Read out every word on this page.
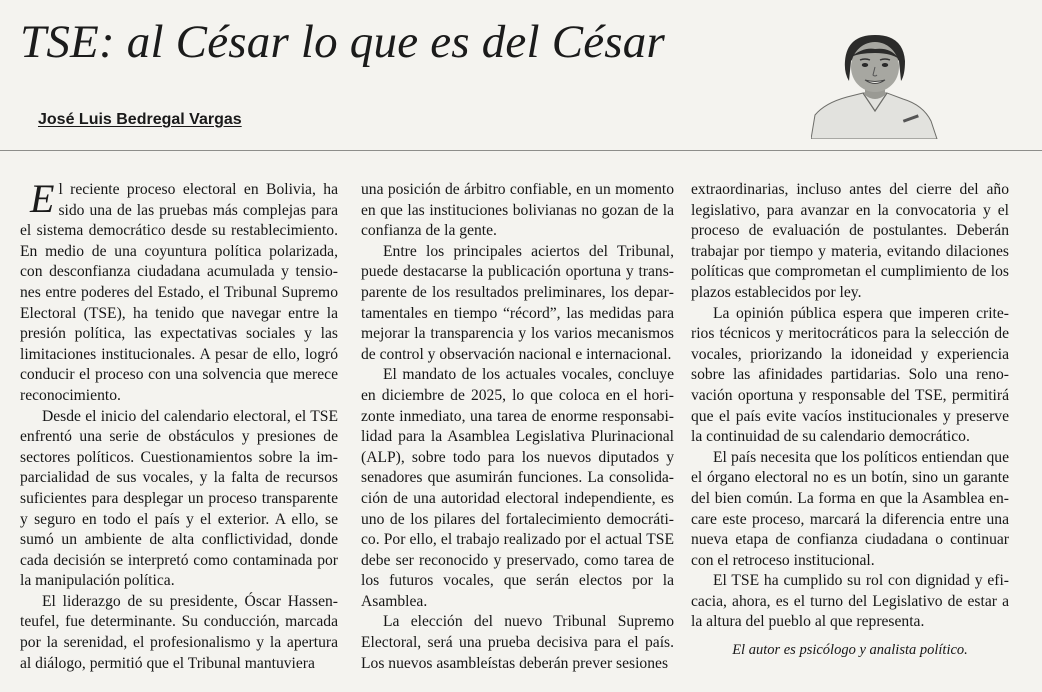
TSE: al César lo que es del César

José Luis Bedregal Vargas

El reciente proceso electoral en Bolivia, ha sido una de las pruebas más complejas para el sistema democrático desde su restablecimiento. En medio de una coyuntura política polarizada, con desconfianza ciudadana acumulada y tensiones entre poderes del Estado, el Tribunal Supremo Electoral (TSE), ha tenido que navegar entre la presión política, las expectativas sociales y las limitaciones institucionales. A pesar de ello, logró conducir el proceso con una solvencia que merece reconocimiento.

Desde el inicio del calendario electoral, el TSE enfrentó una serie de obstáculos y presiones de sectores políticos. Cuestionamientos sobre la imparcialidad de sus vocales, y la falta de recursos suficientes para desplegar un proceso transparente y seguro en todo el país y el exterior. A ello, se sumó un ambiente de alta conflictividad, donde cada decisión se interpretó como contaminada por la manipulación política.

El liderazgo de su presidente, Óscar Hassenteufel, fue determinante. Su conducción, marcada por la serenidad, el profesionalismo y la apertura al diálogo, permitió que el Tribunal mantuviera

una posición de árbitro confiable, en un momento en que las instituciones bolivianas no gozan de la confianza de la gente.

Entre los principales aciertos del Tribunal, puede destacarse la publicación oportuna y transparente de los resultados preliminares, los departamentales en tiempo “récord”, las medidas para mejorar la transparencia y los varios mecanismos de control y observación nacional e internacional.

El mandato de los actuales vocales, concluye en diciembre de 2025, lo que coloca en el horizonte inmediato, una tarea de enorme responsabilidad para la Asamblea Legislativa Plurinacional (ALP), sobre todo para los nuevos diputados y senadores que asumirán funciones. La consolidación de una autoridad electoral independiente, es uno de los pilares del fortalecimiento democrático. Por ello, el trabajo realizado por el actual TSE debe ser reconocido y preservado, como tarea de los futuros vocales, que serán electos por la Asamblea.

La elección del nuevo Tribunal Supremo Electoral, será una prueba decisiva para el país. Los nuevos asambleístas deberán prever sesiones

extraordinarias, incluso antes del cierre del año legislativo, para avanzar en la convocatoria y el proceso de evaluación de postulantes. Deberán trabajar por tiempo y materia, evitando dilaciones políticas que comprometan el cumplimiento de los plazos establecidos por ley.

La opinión pública espera que imperen criterios técnicos y meritocráticos para la selección de vocales, priorizando la idoneidad y experiencia sobre las afinidades partidarias. Solo una renovación oportuna y responsable del TSE, permitirá que el país evite vacíos institucionales y preserve la continuidad de su calendario democrático.

El país necesita que los políticos entiendan que el órgano electoral no es un botín, sino un garante del bien común. La forma en que la Asamblea encare este proceso, marcará la diferencia entre una nueva etapa de confianza ciudadana o continuar con el retroceso institucional.

El TSE ha cumplido su rol con dignidad y eficacia, ahora, es el turno del Legislativo de estar a la altura del pueblo al que representa.

El autor es psicólogo y analista político.
